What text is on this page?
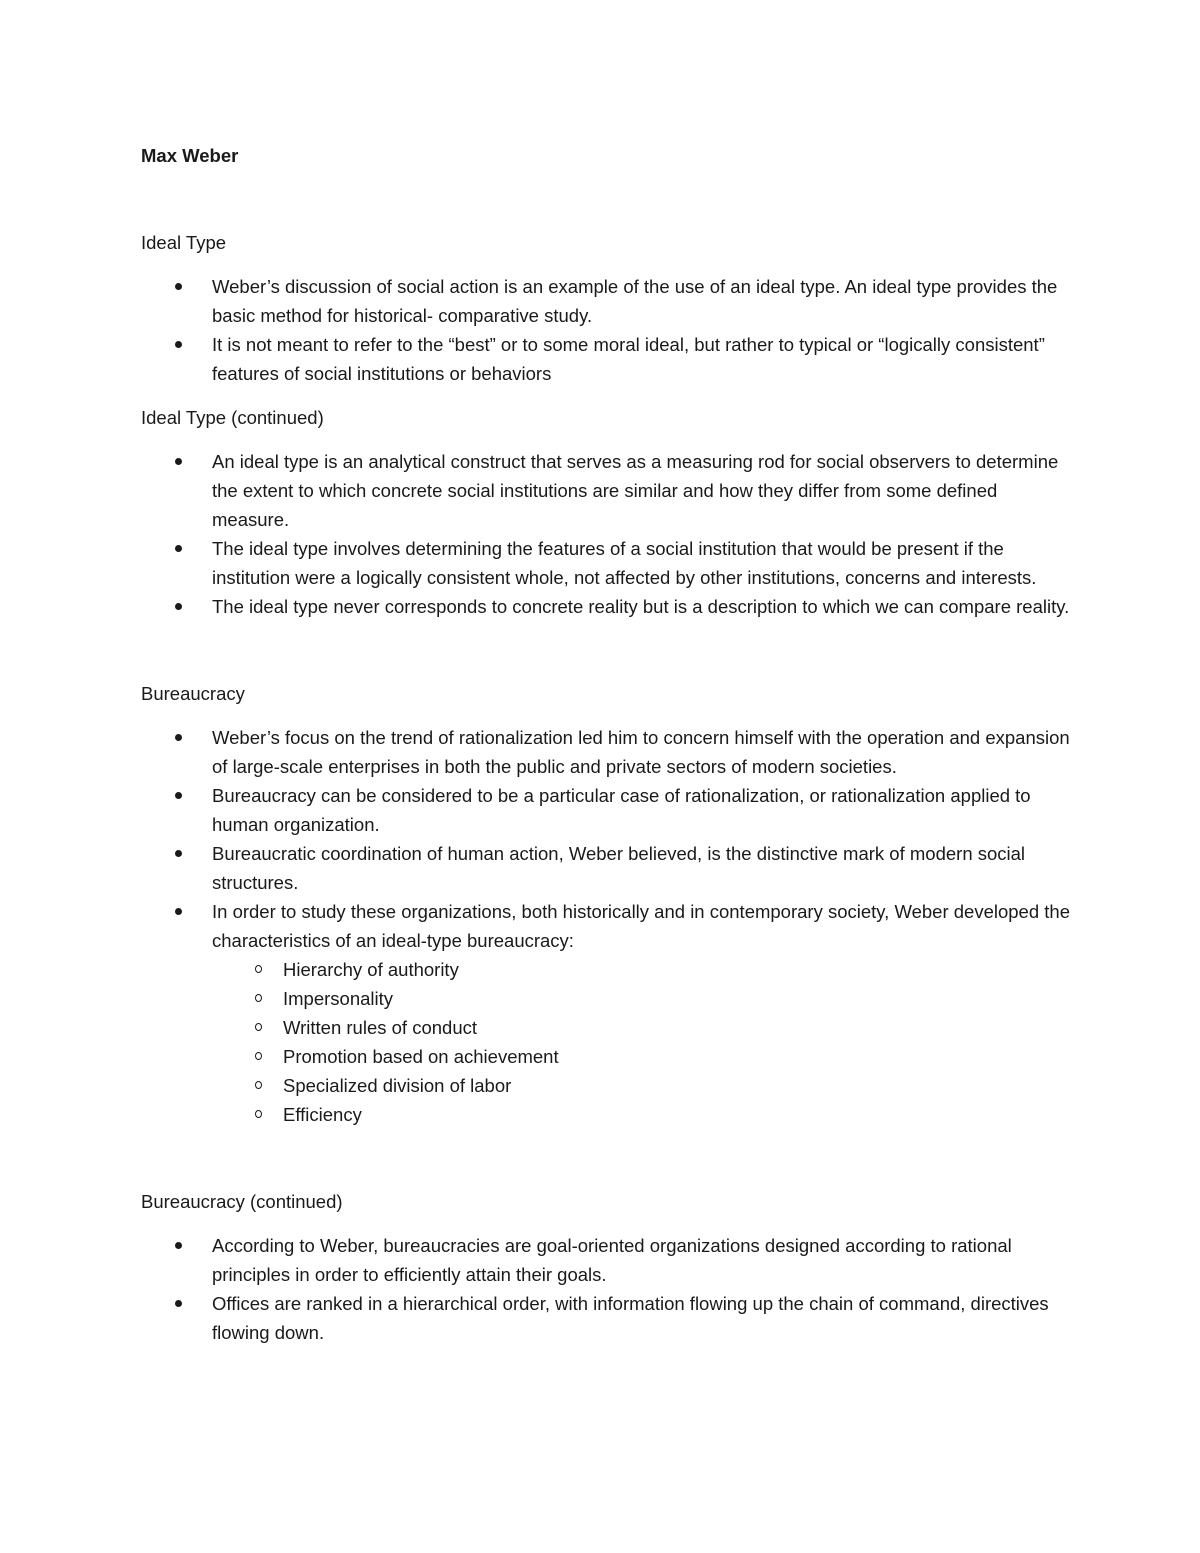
Max Weber

Ideal Type

Weber’s discussion of social action is an example of the use of an ideal type. An ideal type provides the basic method for historical- comparative study.
It is not meant to refer to the “best” or to some moral ideal, but rather to typical or “logically consistent” features of social institutions or behaviors

Ideal Type (continued)

An ideal type is an analytical construct that serves as a measuring rod for social observers to determine the extent to which concrete social institutions are similar and how they differ from some defined measure.
The ideal type involves determining the features of a social institution that would be present if the institution were a logically consistent whole, not affected by other institutions, concerns and interests.
The ideal type never corresponds to concrete reality but is a description to which we can compare reality.

Bureaucracy

Weber’s focus on the trend of rationalization led him to concern himself with the operation and expansion of large-scale enterprises in both the public and private sectors of modern societies.
Bureaucracy can be considered to be a particular case of rationalization, or rationalization applied to human organization.
Bureaucratic coordination of human action, Weber believed, is the distinctive mark of modern social structures.
In order to study these organizations, both historically and in contemporary society, Weber developed the characteristics of an ideal-type bureaucracy:
Hierarchy of authority
Impersonality
Written rules of conduct
Promotion based on achievement
Specialized division of labor
Efficiency

Bureaucracy (continued)

According to Weber, bureaucracies are goal-oriented organizations designed according to rational principles in order to efficiently attain their goals.
Offices are ranked in a hierarchical order, with information flowing up the chain of command, directives flowing down.
